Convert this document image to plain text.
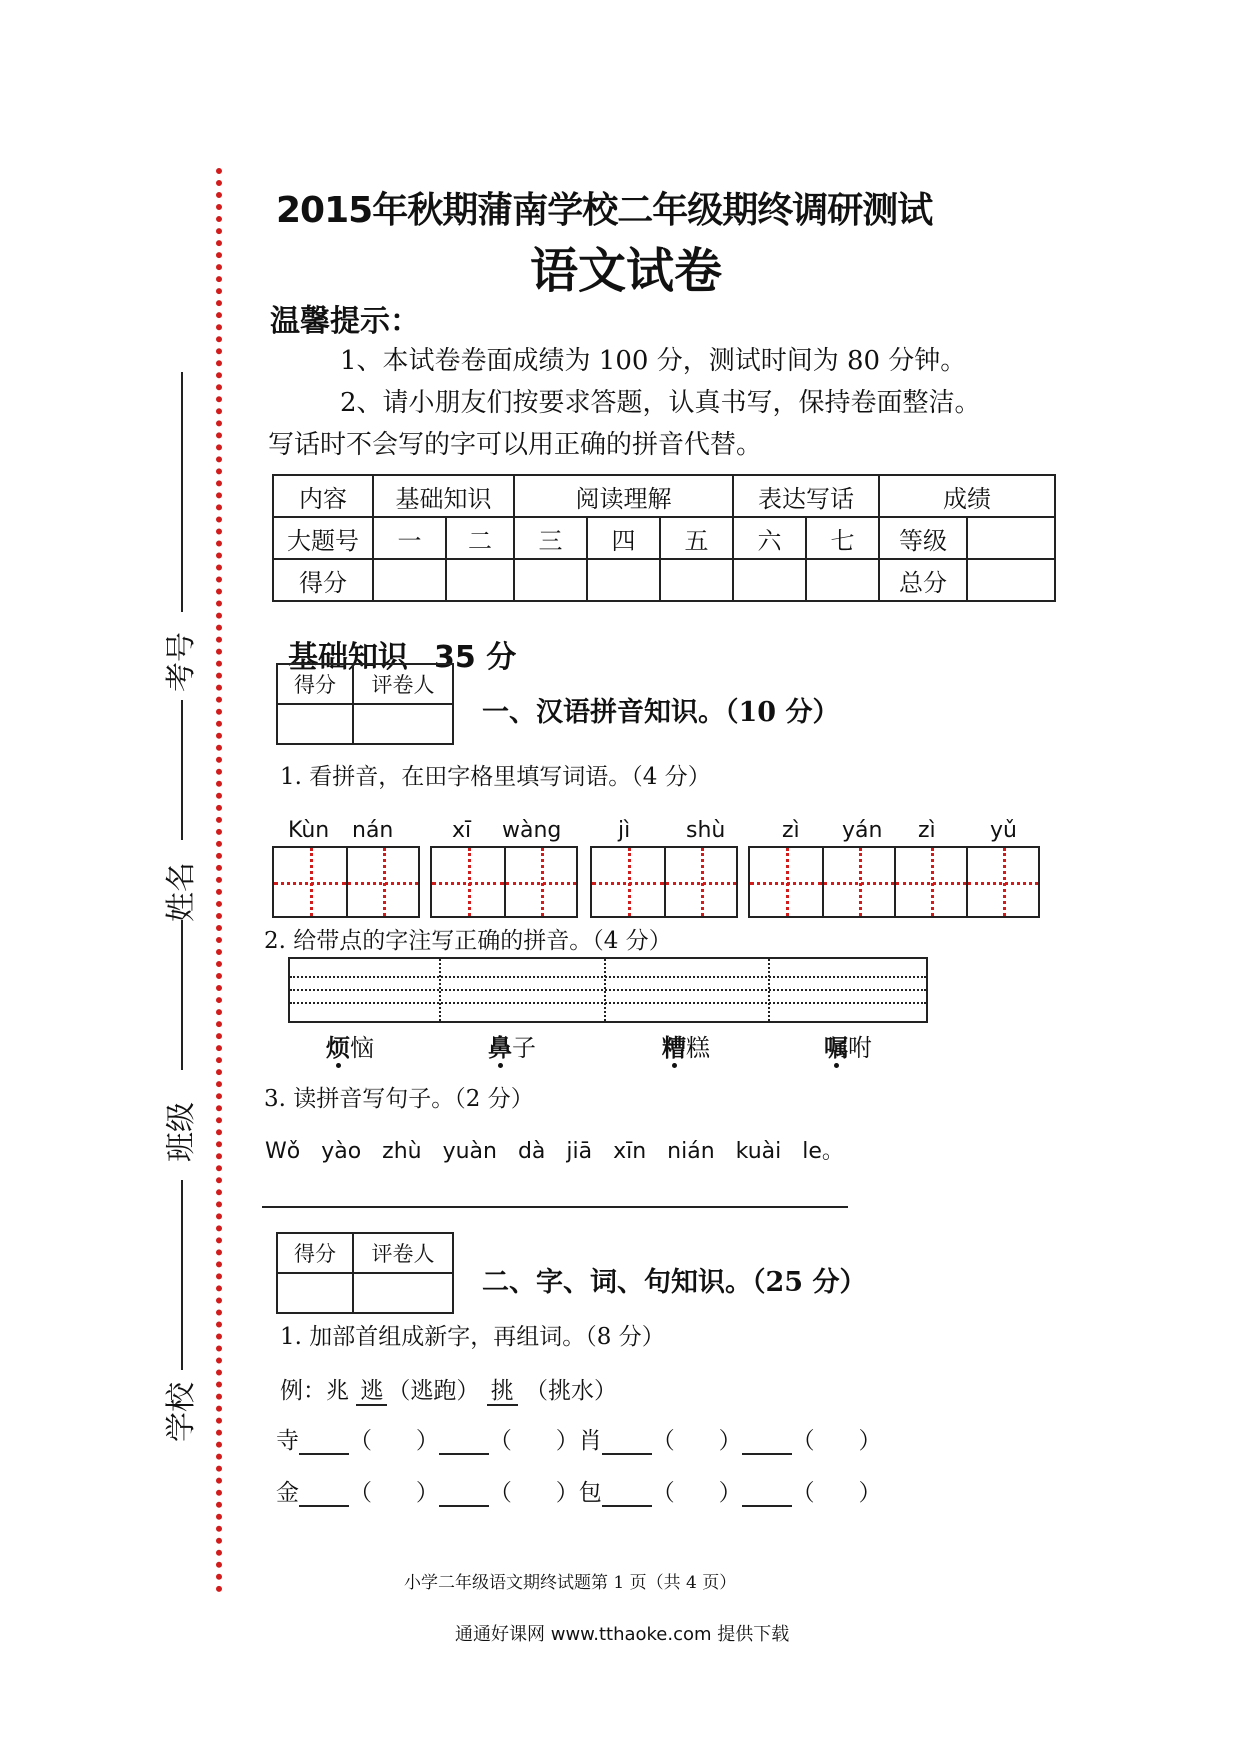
考号
姓名
班级
学校
2015年秋期蒲南学校二年级期终调研测试
语文试卷
温馨提示：
1、本试卷卷面成绩为 100 分，测试时间为 80 分钟。
2、请小朋友们按要求答题，认真书写，保持卷面整洁。
写话时不会写的字可以用正确的拼音代替。
内容	基础知识		阅读理解			表达写话		成绩	
大题号	一	二	三	四	五	六	七	等级	
得分								总分	
基础知识 35 分
得分	评卷人

一、汉语拼音知识。（10 分）
1. 看拼音，在田字格里填写词语。（4 分）
Kùn nán	xī wàng	jì	shù	zì yán zì yǔ
2. 给带点的字注写正确的拼音。（4 分）
烦恼	鼻子	糟糕	嘱咐
3. 读拼音写句子。（2 分）
Wǒ yào zhù yuàn dà jiā xīn nián kuài le。
得分	评卷人

二、字、词、句知识。（25 分）
1. 加部首组成新字，再组词。（8 分）
例：兆 逃 （逃跑） 挑 （挑水）
寺 （      ） （      ）肖 （      ） （      ）
金 （      ） （      ）包 （      ） （      ）
小学二年级语文期终试题第 1 页（共 4 页）
通通好课网 www.tthaoke.com 提供下载
